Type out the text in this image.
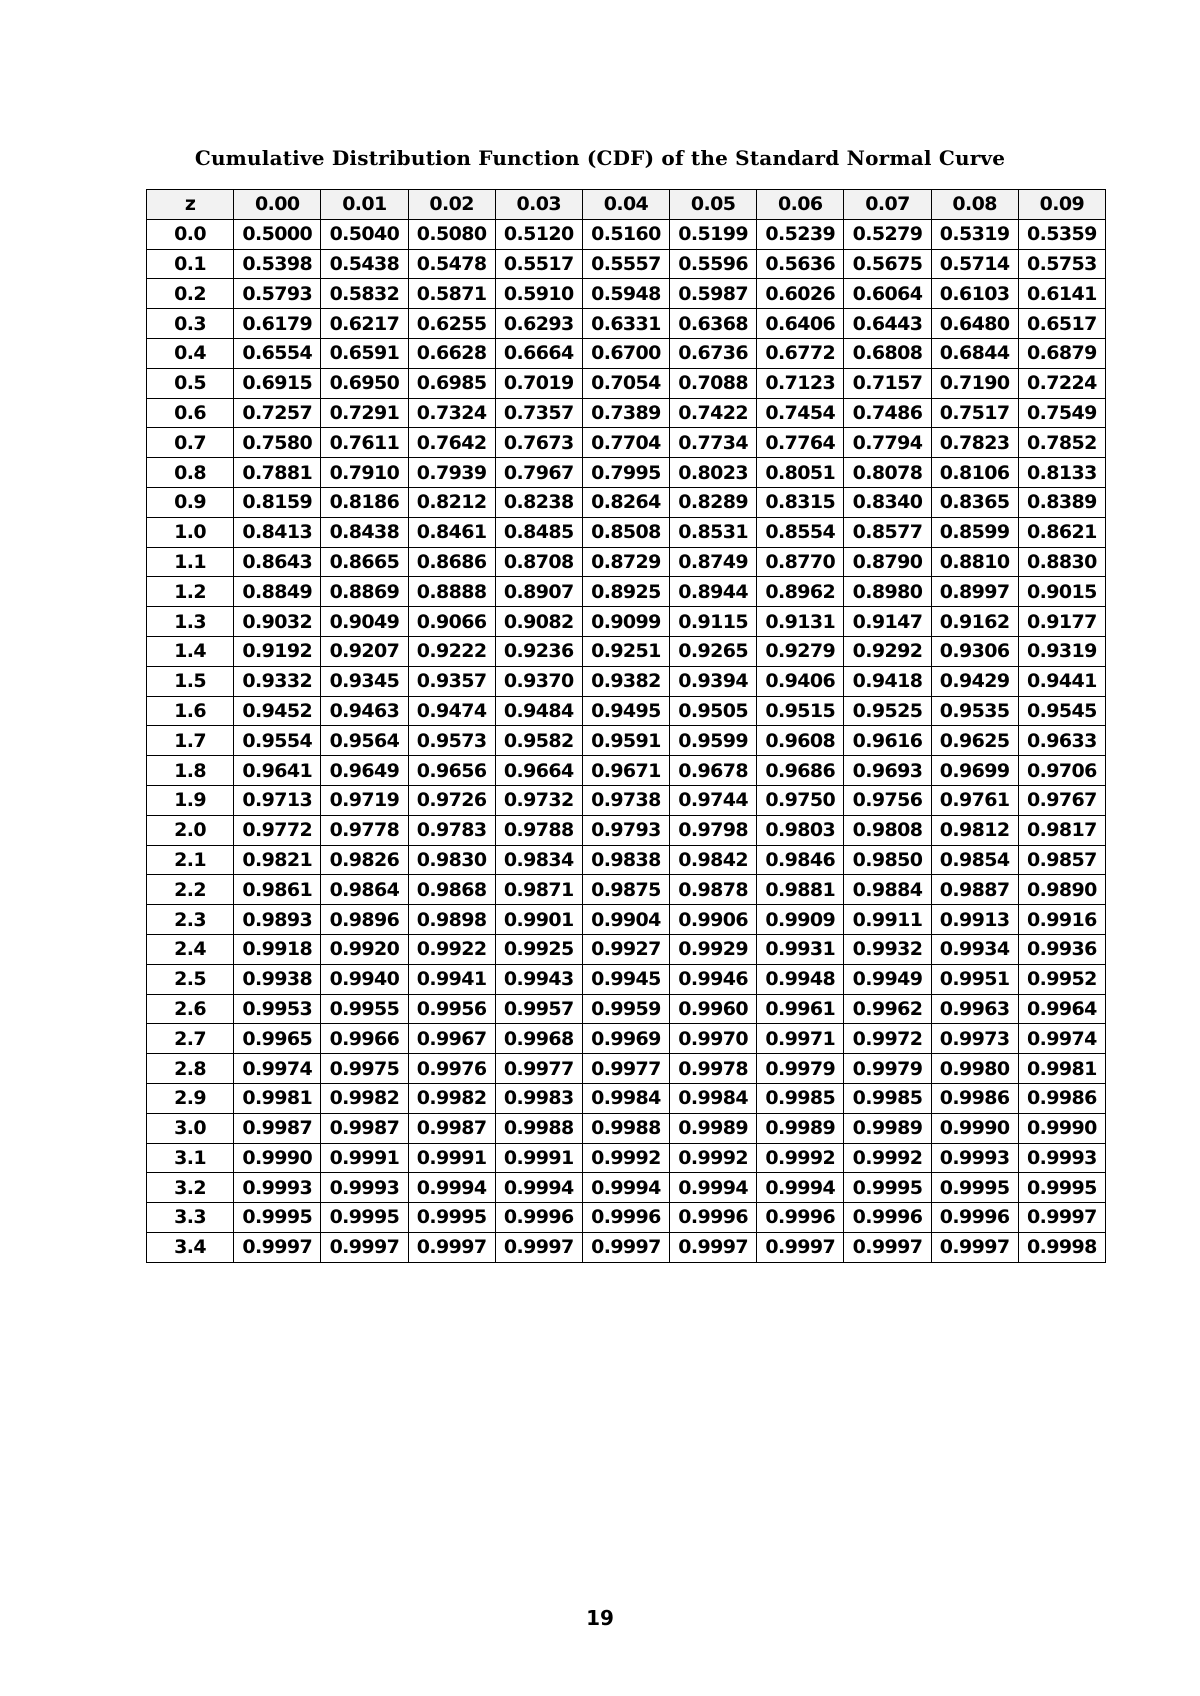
Cumulative Distribution Function (CDF) of the Standard Normal Curve
z	0.00	0.01	0.02	0.03	0.04	0.05	0.06	0.07	0.08	0.09
0.0	0.5000	0.5040	0.5080	0.5120	0.5160	0.5199	0.5239	0.5279	0.5319	0.5359
0.1	0.5398	0.5438	0.5478	0.5517	0.5557	0.5596	0.5636	0.5675	0.5714	0.5753
0.2	0.5793	0.5832	0.5871	0.5910	0.5948	0.5987	0.6026	0.6064	0.6103	0.6141
0.3	0.6179	0.6217	0.6255	0.6293	0.6331	0.6368	0.6406	0.6443	0.6480	0.6517
0.4	0.6554	0.6591	0.6628	0.6664	0.6700	0.6736	0.6772	0.6808	0.6844	0.6879
0.5	0.6915	0.6950	0.6985	0.7019	0.7054	0.7088	0.7123	0.7157	0.7190	0.7224
0.6	0.7257	0.7291	0.7324	0.7357	0.7389	0.7422	0.7454	0.7486	0.7517	0.7549
0.7	0.7580	0.7611	0.7642	0.7673	0.7704	0.7734	0.7764	0.7794	0.7823	0.7852
0.8	0.7881	0.7910	0.7939	0.7967	0.7995	0.8023	0.8051	0.8078	0.8106	0.8133
0.9	0.8159	0.8186	0.8212	0.8238	0.8264	0.8289	0.8315	0.8340	0.8365	0.8389
1.0	0.8413	0.8438	0.8461	0.8485	0.8508	0.8531	0.8554	0.8577	0.8599	0.8621
1.1	0.8643	0.8665	0.8686	0.8708	0.8729	0.8749	0.8770	0.8790	0.8810	0.8830
1.2	0.8849	0.8869	0.8888	0.8907	0.8925	0.8944	0.8962	0.8980	0.8997	0.9015
1.3	0.9032	0.9049	0.9066	0.9082	0.9099	0.9115	0.9131	0.9147	0.9162	0.9177
1.4	0.9192	0.9207	0.9222	0.9236	0.9251	0.9265	0.9279	0.9292	0.9306	0.9319
1.5	0.9332	0.9345	0.9357	0.9370	0.9382	0.9394	0.9406	0.9418	0.9429	0.9441
1.6	0.9452	0.9463	0.9474	0.9484	0.9495	0.9505	0.9515	0.9525	0.9535	0.9545
1.7	0.9554	0.9564	0.9573	0.9582	0.9591	0.9599	0.9608	0.9616	0.9625	0.9633
1.8	0.9641	0.9649	0.9656	0.9664	0.9671	0.9678	0.9686	0.9693	0.9699	0.9706
1.9	0.9713	0.9719	0.9726	0.9732	0.9738	0.9744	0.9750	0.9756	0.9761	0.9767
2.0	0.9772	0.9778	0.9783	0.9788	0.9793	0.9798	0.9803	0.9808	0.9812	0.9817
2.1	0.9821	0.9826	0.9830	0.9834	0.9838	0.9842	0.9846	0.9850	0.9854	0.9857
2.2	0.9861	0.9864	0.9868	0.9871	0.9875	0.9878	0.9881	0.9884	0.9887	0.9890
2.3	0.9893	0.9896	0.9898	0.9901	0.9904	0.9906	0.9909	0.9911	0.9913	0.9916
2.4	0.9918	0.9920	0.9922	0.9925	0.9927	0.9929	0.9931	0.9932	0.9934	0.9936
2.5	0.9938	0.9940	0.9941	0.9943	0.9945	0.9946	0.9948	0.9949	0.9951	0.9952
2.6	0.9953	0.9955	0.9956	0.9957	0.9959	0.9960	0.9961	0.9962	0.9963	0.9964
2.7	0.9965	0.9966	0.9967	0.9968	0.9969	0.9970	0.9971	0.9972	0.9973	0.9974
2.8	0.9974	0.9975	0.9976	0.9977	0.9977	0.9978	0.9979	0.9979	0.9980	0.9981
2.9	0.9981	0.9982	0.9982	0.9983	0.9984	0.9984	0.9985	0.9985	0.9986	0.9986
3.0	0.9987	0.9987	0.9987	0.9988	0.9988	0.9989	0.9989	0.9989	0.9990	0.9990
3.1	0.9990	0.9991	0.9991	0.9991	0.9992	0.9992	0.9992	0.9992	0.9993	0.9993
3.2	0.9993	0.9993	0.9994	0.9994	0.9994	0.9994	0.9994	0.9995	0.9995	0.9995
3.3	0.9995	0.9995	0.9995	0.9996	0.9996	0.9996	0.9996	0.9996	0.9996	0.9997
3.4	0.9997	0.9997	0.9997	0.9997	0.9997	0.9997	0.9997	0.9997	0.9997	0.9998
19
